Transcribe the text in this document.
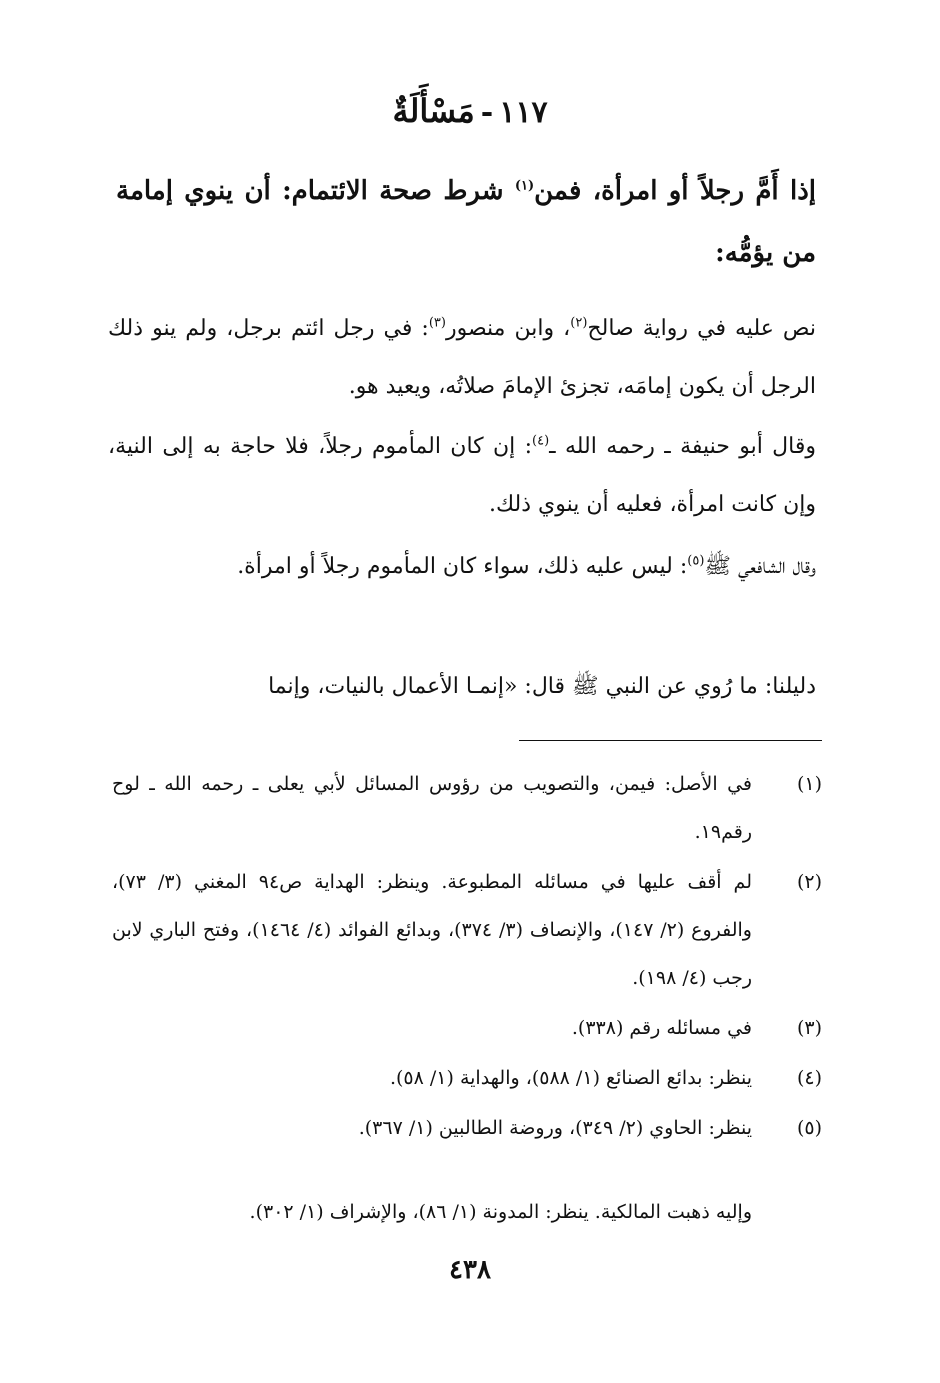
١١٧
-
مَسْأَلَةٌ
إذا أَمَّ رجلاً أو امرأة، فمن$^{(١)}$ شرط صحة الائتمام: أن ينوي إمامة من يؤمُّه:
نص عليه في رواية صالح$^{(٢)}$، وابن منصور$^{(٣)}$: في رجل ائتم برجل، ولم ينو ذلك الرجل أن يكون إمامَه، تجزئ الإمامَ صلاتُه، ويعيد هو.
وقال أبو حنيفة ـ رحمه الله ـ$^{(٤)}$: إن كان المأموم رجلاً، فلا حاجة به إلى النية، وإن كانت امرأة، فعليه أن ينوي ذلك.
وقال الشافعي ﷺ$^{(٥)}$: ليس عليه ذلك، سواء كان المأموم رجلاً أو امرأة.
دليلنا: ما رُوي عن النبي ﷺ قال: «إنمـا الأعمال بالنيات، وإنما
(١)
في الأصل: فيمن، والتصويب من رؤوس المسائل لأبي يعلى ـ رحمه الله ـ لوح رقم١٩.
(٢)
لم أقف عليها في مسائله المطبوعة. وينظر: الهداية ص٩٤ المغني (٣/ ٧٣)، والفروع (٢/ ١٤٧)، والإنصاف (٣/ ٣٧٤)، وبدائع الفوائد (٤/ ١٤٦٤)، وفتح الباري لابن رجب (٤/ ١٩٨).
(٣)
في مسائله رقم (٣٣٨).
(٤)
ينظر: بدائع الصنائع (١/ ٥٨٨)، والهداية (١/ ٥٨).
(٥)
ينظر: الحاوي (٢/ ٣٤٩)، وروضة الطالبين (١/ ٣٦٧).
وإليه ذهبت المالكية. ينظر: المدونة (١/ ٨٦)، والإشراف (١/ ٣٠٢).
٤٣٨
